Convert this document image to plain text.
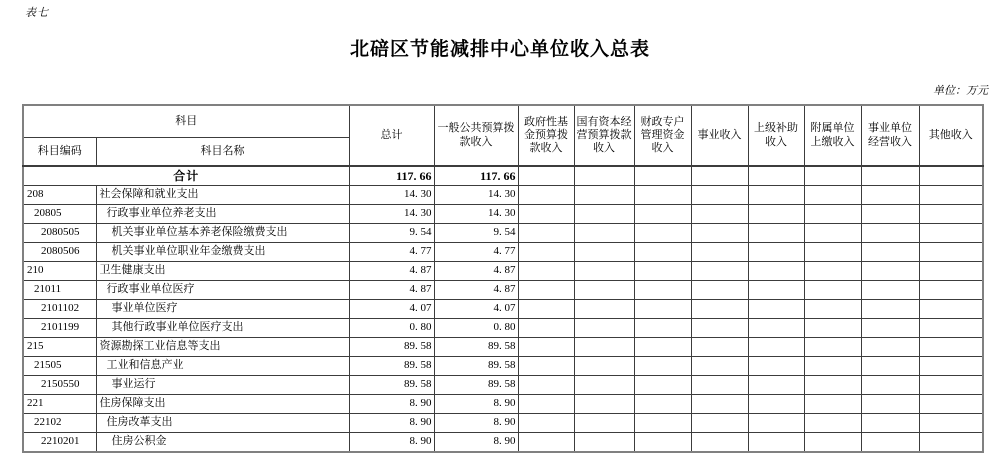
表七
北碚区节能减排中心单位收入总表
单位：万元
科目		总计	一般公共预算拨款收入	政府性基金预算拨款收入	国有资本经营预算拨款收入	财政专户管理资金收入	事业收入	上级补助收入	附属单位上缴收入	事业单位经营收入	其他收入
科目编码	科目名称										
合计		117. 66	117. 66								
208	社会保障和就业支出	14. 30	14. 30								
20805	行政事业单位养老支出	14. 30	14. 30								
2080505	机关事业单位基本养老保险缴费支出	9. 54	9. 54								
2080506	机关事业单位职业年金缴费支出	4. 77	4. 77								
210	卫生健康支出	4. 87	4. 87								
21011	行政事业单位医疗	4. 87	4. 87								
2101102	事业单位医疗	4. 07	4. 07								
2101199	其他行政事业单位医疗支出	0. 80	0. 80								
215	资源勘探工业信息等支出	89. 58	89. 58								
21505	工业和信息产业	89. 58	89. 58								
2150550	事业运行	89. 58	89. 58								
221	住房保障支出	8. 90	8. 90								
22102	住房改革支出	8. 90	8. 90								
2210201	住房公积金	8. 90	8. 90								
